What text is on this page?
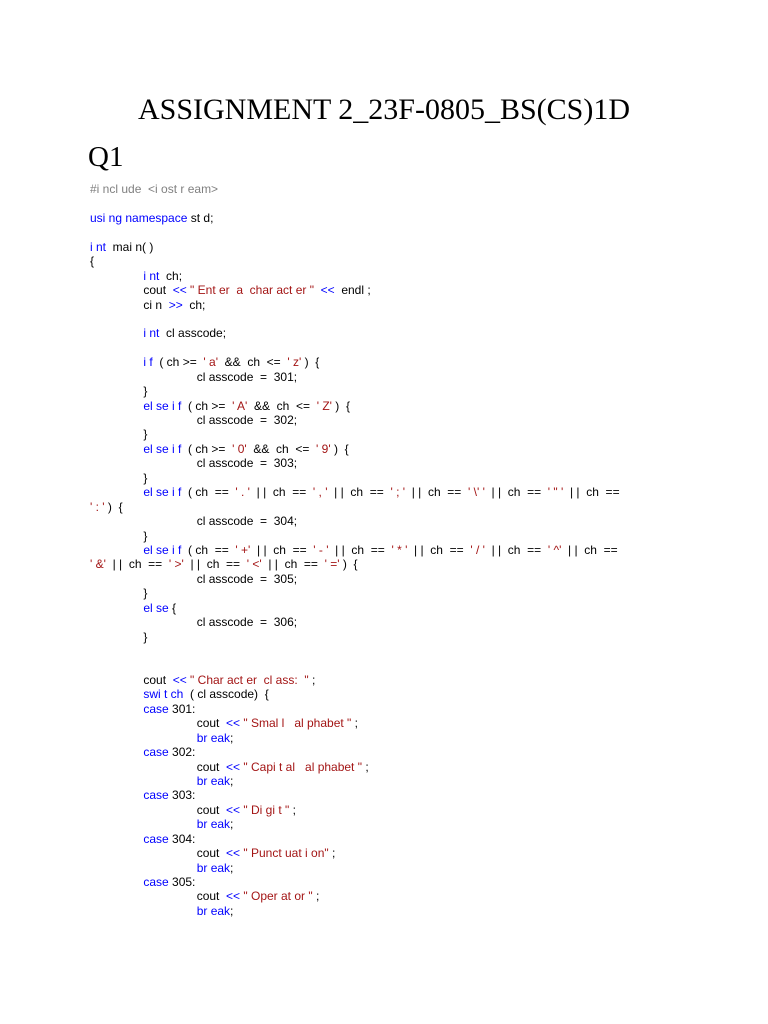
ASSIGNMENT 2_23F-0805_BS(CS)1D
Q1
#i ncl ude  <i ost r eam>

usi ng namespace st d;

i nt  mai n( )
{
i nt  ch;
cout  << " Ent er  a  char act er " <<  endl ;
ci n  >>  ch;

i nt  cl asscode;

i f  ( ch >=  ' a'  &&  ch  <=  ' z' )  {
cl asscode  =  301;
}
el se i f  ( ch >=  ' A'  &&  ch  <=  ' Z' )  {
cl asscode  =  302;
}
el se i f  ( ch >=  ' 0'  &&  ch  <=  ' 9' )  {
cl asscode  =  303;
}
el se i f  ( ch  ==  ' . '  | |  ch  ==  ' , '  | |  ch  ==  ' ; '  | |  ch  ==  ' \' '  | |  ch  ==  ' " '  | |  ch  ==
' : ' )  {
cl asscode  =  304;
}
el se i f  ( ch  ==  ' +'  | |  ch  ==  ' - '  | |  ch  ==  ' * '  | |  ch  ==  ' / '  | |  ch  ==  ' ^'  | |  ch  ==
' &'  | |  ch  ==  ' >'  | |  ch  ==  ' <'  | |  ch  ==  ' =' )  {
cl asscode  =  305;
}
el se {
cl asscode  =  306;
}

cout  << " Char act er  cl ass:  " ;
swi t ch  ( cl asscode)  {
case 301:
cout  << " Smal l   al phabet " ;
br eak;
case 302:
cout  << " Capi t al   al phabet " ;
br eak;
case 303:
cout  << " Di gi t " ;
br eak;
case 304:
cout  << " Punct uat i on" ;
br eak;
case 305:
cout  << " Oper at or " ;
br eak;
